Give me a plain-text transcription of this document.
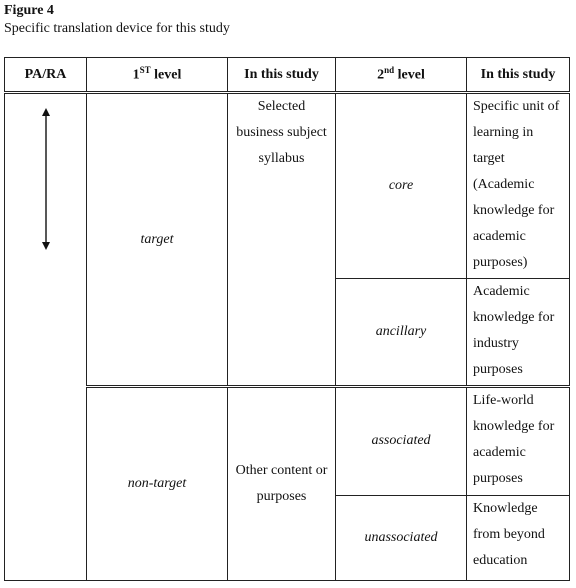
Figure 4

Specific translation device for this study

PA/RA	1ST level	In this study	2nd level	In this study

	target	Selected business subject syllabus	core	Specific unit of learning in target (Academic knowledge for academic purposes)
			ancillary	Academic knowledge for industry purposes
	non-target	Other content or purposes	associated	Life-world knowledge for academic purposes
			unassociated	Knowledge from beyond education
